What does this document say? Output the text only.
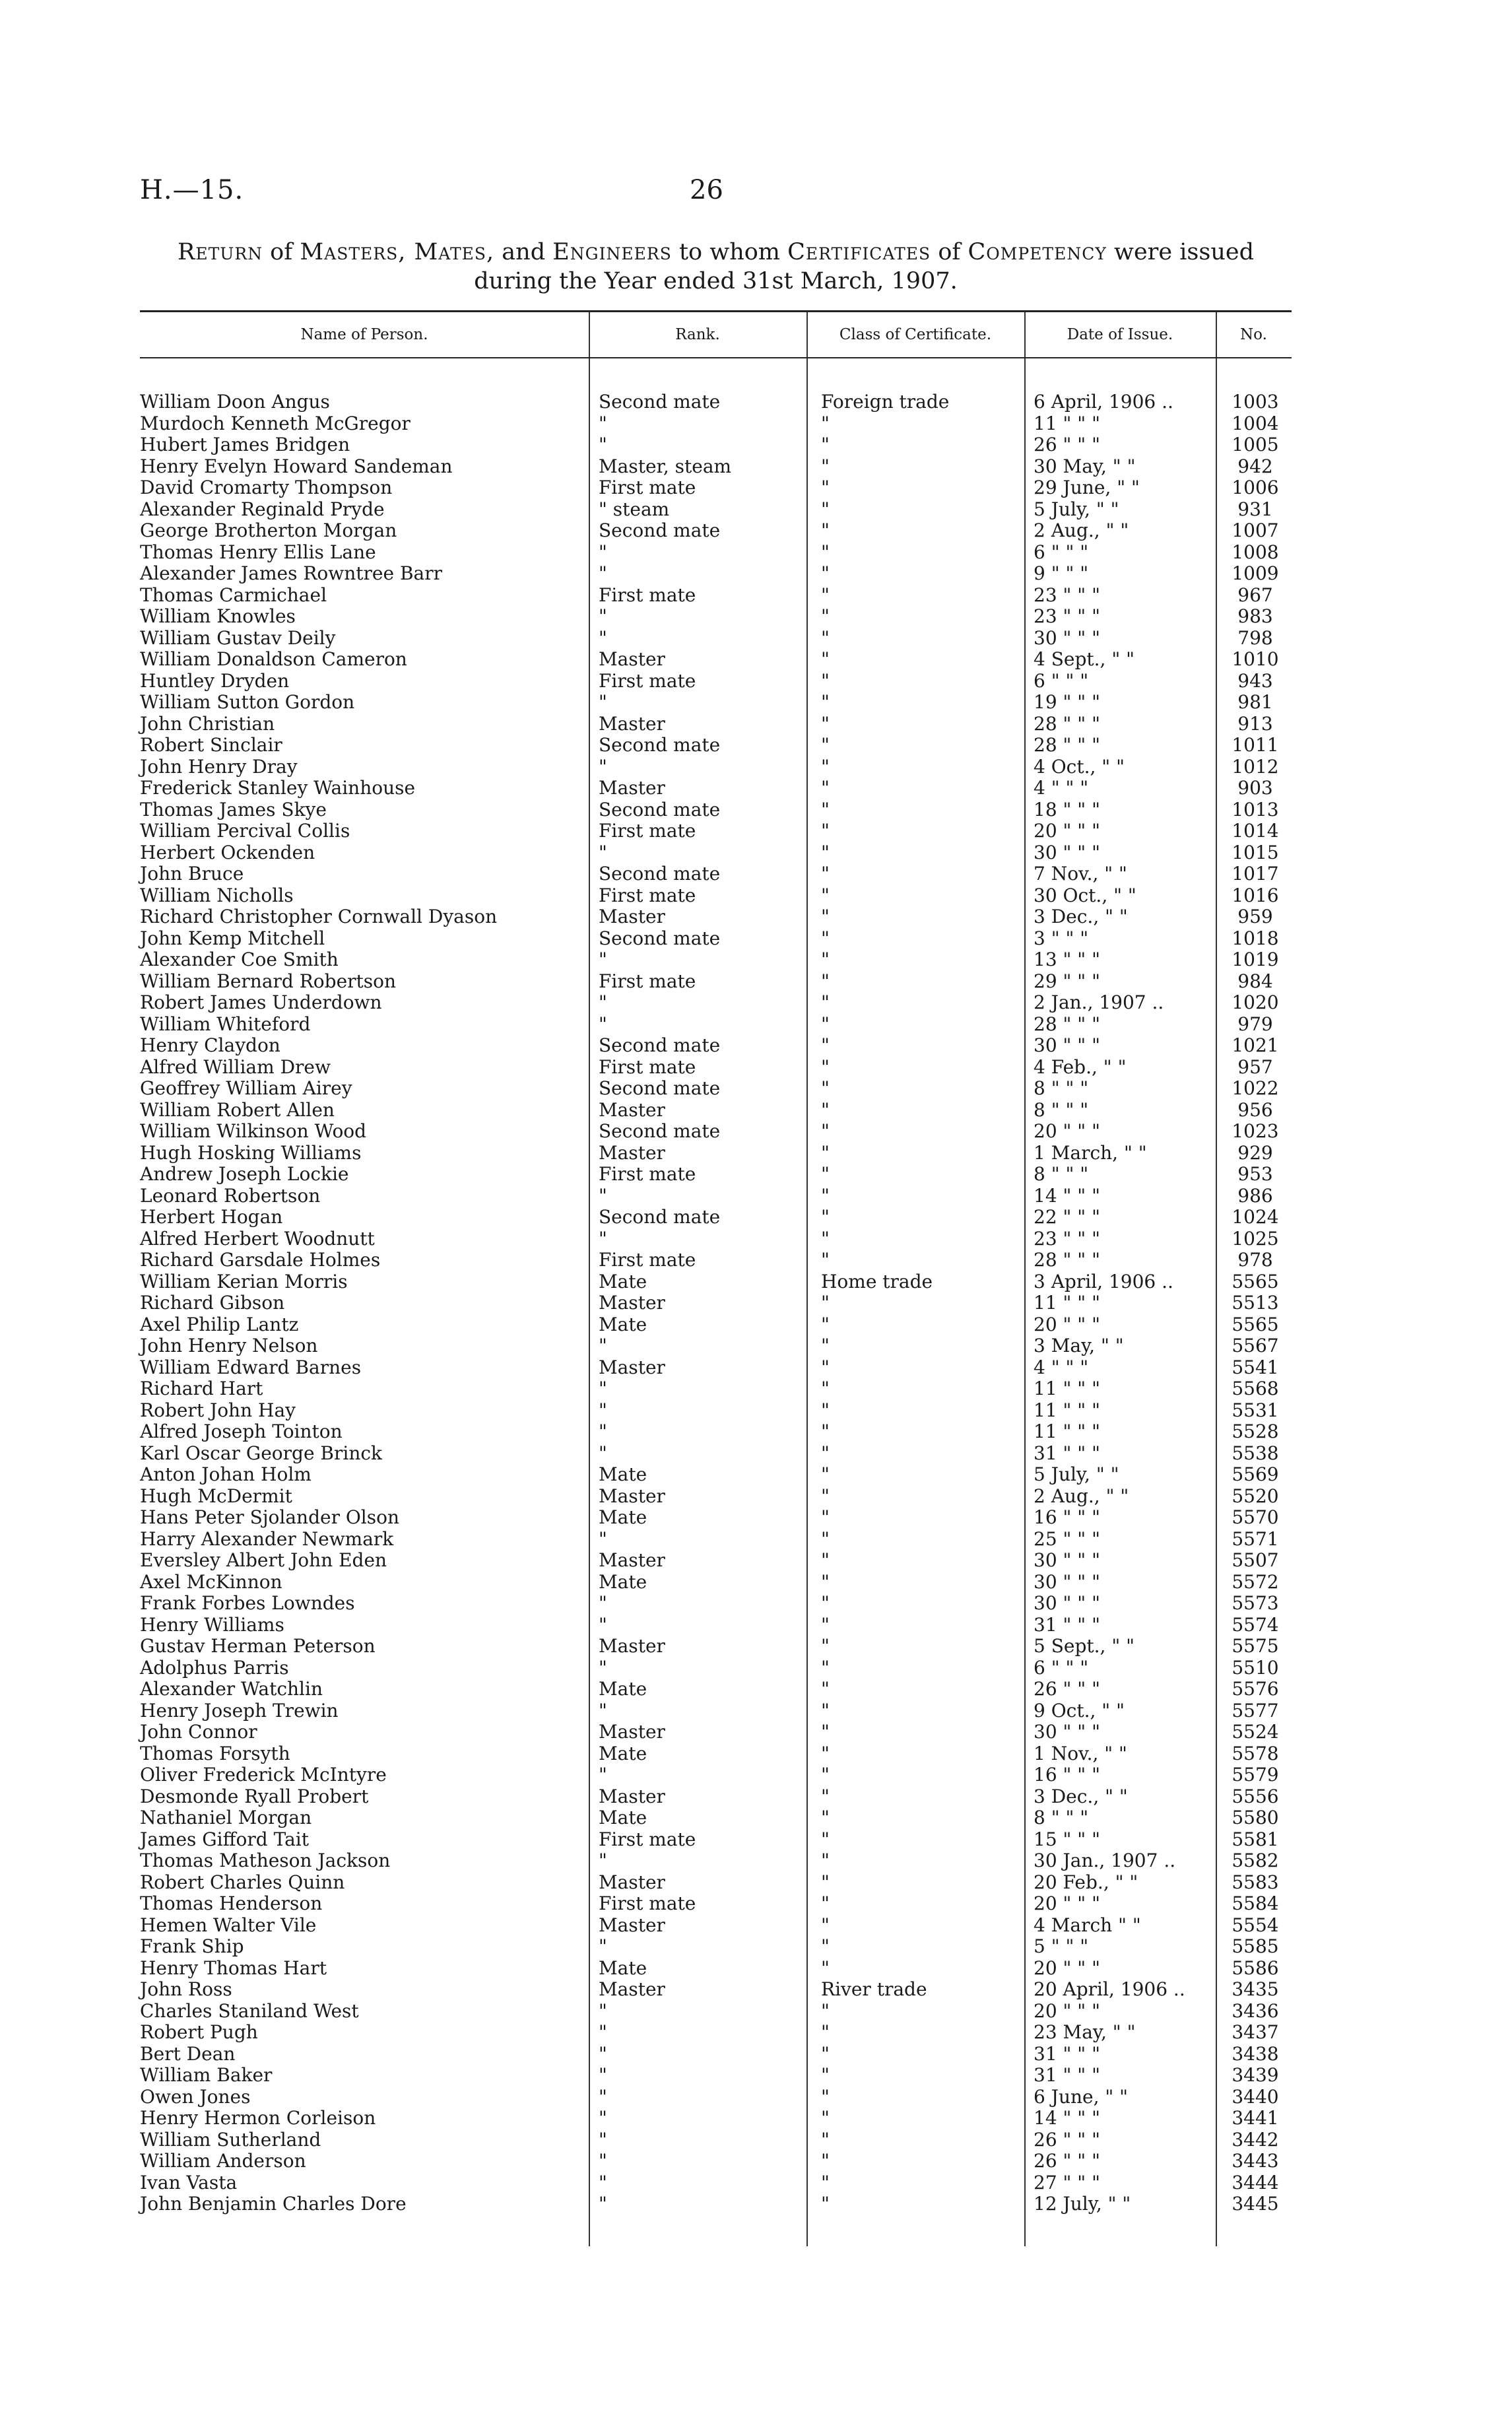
H.—15.	26
Return of Masters, Mates, and Engineers to whom Certificates of Competency were issued
during the Year ended 31st March, 1907.
Name of Person.	Rank.	Class of Certificate.	Date of Issue.	No.
William Doon Angus	Second mate	Foreign trade	6 April, 1906 ..	1003
Murdoch Kenneth McGregor	"	"	11 " " "	1004
Hubert James Bridgen	"	"	26 " " "	1005
Henry Evelyn Howard Sandeman	Master, steam	"	30 May, " "	942
David Cromarty Thompson	First mate	"	29 June, " "	1006
Alexander Reginald Pryde	" steam	"	5 July, " "	931
George Brotherton Morgan	Second mate	"	2 Aug., " "	1007
Thomas Henry Ellis Lane	"	"	6 " " "	1008
Alexander James Rowntree Barr	"	"	9 " " "	1009
Thomas Carmichael	First mate	"	23 " " "	967
William Knowles	"	"	23 " " "	983
William Gustav Deily	"	"	30 " " "	798
William Donaldson Cameron	Master	"	4 Sept., " "	1010
Huntley Dryden	First mate	"	6 " " "	943
William Sutton Gordon	"	"	19 " " "	981
John Christian	Master	"	28 " " "	913
Robert Sinclair	Second mate	"	28 " " "	1011
John Henry Dray	"	"	4 Oct., " "	1012
Frederick Stanley Wainhouse	Master	"	4 " " "	903
Thomas James Skye	Second mate	"	18 " " "	1013
William Percival Collis	First mate	"	20 " " "	1014
Herbert Ockenden	"	"	30 " " "	1015
John Bruce	Second mate	"	7 Nov., " "	1017
William Nicholls	First mate	"	30 Oct., " "	1016
Richard Christopher Cornwall Dyason	Master	"	3 Dec., " "	959
John Kemp Mitchell	Second mate	"	3 " " "	1018
Alexander Coe Smith	"	"	13 " " "	1019
William Bernard Robertson	First mate	"	29 " " "	984
Robert James Underdown	"	"	2 Jan., 1907 ..	1020
William Whiteford	"	"	28 " " "	979
Henry Claydon	Second mate	"	30 " " "	1021
Alfred William Drew	First mate	"	4 Feb., " "	957
Geoffrey William Airey	Second mate	"	8 " " "	1022
William Robert Allen	Master	"	8 " " "	956
William Wilkinson Wood	Second mate	"	20 " " "	1023
Hugh Hosking Williams	Master	"	1 March, " "	929
Andrew Joseph Lockie	First mate	"	8 " " "	953
Leonard Robertson	"	"	14 " " "	986
Herbert Hogan	Second mate	"	22 " " "	1024
Alfred Herbert Woodnutt	"	"	23 " " "	1025
Richard Garsdale Holmes	First mate	"	28 " " "	978
William Kerian Morris	Mate	Home trade	3 April, 1906 ..	5565
Richard Gibson	Master	"	11 " " "	5513
Axel Philip Lantz	Mate	"	20 " " "	5565
John Henry Nelson	"	"	3 May, " "	5567
William Edward Barnes	Master	"	4 " " "	5541
Richard Hart	"	"	11 " " "	5568
Robert John Hay	"	"	11 " " "	5531
Alfred Joseph Tointon	"	"	11 " " "	5528
Karl Oscar George Brinck	"	"	31 " " "	5538
Anton Johan Holm	Mate	"	5 July, " "	5569
Hugh McDermit	Master	"	2 Aug., " "	5520
Hans Peter Sjolander Olson	Mate	"	16 " " "	5570
Harry Alexander Newmark	"	"	25 " " "	5571
Eversley Albert John Eden	Master	"	30 " " "	5507
Axel McKinnon	Mate	"	30 " " "	5572
Frank Forbes Lowndes	"	"	30 " " "	5573
Henry Williams	"	"	31 " " "	5574
Gustav Herman Peterson	Master	"	5 Sept., " "	5575
Adolphus Parris	"	"	6 " " "	5510
Alexander Watchlin	Mate	"	26 " " "	5576
Henry Joseph Trewin	"	"	9 Oct., " "	5577
John Connor	Master	"	30 " " "	5524
Thomas Forsyth	Mate	"	1 Nov., " "	5578
Oliver Frederick McIntyre	"	"	16 " " "	5579
Desmonde Ryall Probert	Master	"	3 Dec., " "	5556
Nathaniel Morgan	Mate	"	8 " " "	5580
James Gifford Tait	First mate	"	15 " " "	5581
Thomas Matheson Jackson	"	"	30 Jan., 1907 ..	5582
Robert Charles Quinn	Master	"	20 Feb., " "	5583
Thomas Henderson	First mate	"	20 " " "	5584
Hemen Walter Vile	Master	"	4 March " "	5554
Frank Ship	"	"	5 " " "	5585
Henry Thomas Hart	Mate	"	20 " " "	5586
John Ross	Master	River trade	20 April, 1906 ..	3435
Charles Staniland West	"	"	20 " " "	3436
Robert Pugh	"	"	23 May, " "	3437
Bert Dean	"	"	31 " " "	3438
William Baker	"	"	31 " " "	3439
Owen Jones	"	"	6 June, " "	3440
Henry Hermon Corleison	"	"	14 " " "	3441
William Sutherland	"	"	26 " " "	3442
William Anderson	"	"	26 " " "	3443
Ivan Vasta	"	"	27 " " "	3444
John Benjamin Charles Dore	"	"	12 July, " "	3445
